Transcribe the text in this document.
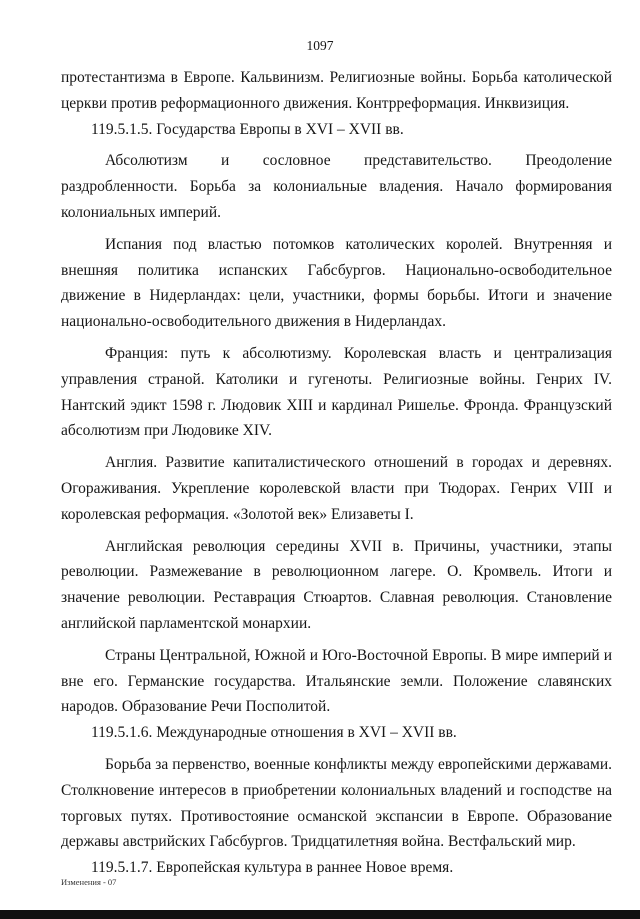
1097

протестантизма в Европе. Кальвинизм. Религиозные войны. Борьба католической церкви против реформационного движения. Контрреформация. Инквизиция.

119.5.1.5. Государства Европы в XVI – XVII вв.

Абсолютизм и сословное представительство. Преодоление раздробленности. Борьба за колониальные владения. Начало формирования колониальных империй.

Испания под властью потомков католических королей. Внутренняя и внешняя политика испанских Габсбургов. Национально-освободительное движение в Нидерландах: цели, участники, формы борьбы. Итоги и значение национально-освободительного движения в Нидерландах.

Франция: путь к абсолютизму. Королевская власть и централизация управления страной. Католики и гугеноты. Религиозные войны. Генрих IV. Нантский эдикт 1598 г. Людовик XIII и кардинал Ришелье. Фронда. Французский абсолютизм при Людовике XIV.

Англия. Развитие капиталистического отношений в городах и деревнях. Огораживания. Укрепление королевской власти при Тюдорах. Генрих VIII и королевская реформация. «Золотой век» Елизаветы I.

Английская революция середины XVII в. Причины, участники, этапы революции. Размежевание в революционном лагере. О. Кромвель. Итоги и значение революции. Реставрация Стюартов. Славная революция. Становление английской парламентской монархии.

Страны Центральной, Южной и Юго-Восточной Европы. В мире империй и вне его. Германские государства. Итальянские земли. Положение славянских народов. Образование Речи Посполитой.

119.5.1.6. Международные отношения в XVI – XVII вв.

Борьба за первенство, военные конфликты между европейскими державами. Столкновение интересов в приобретении колониальных владений и господстве на торговых путях. Противостояние османской экспансии в Европе. Образование державы австрийских Габсбургов. Тридцатилетняя война. Вестфальский мир.

119.5.1.7. Европейская культура в раннее Новое время.

Изменения - 07
